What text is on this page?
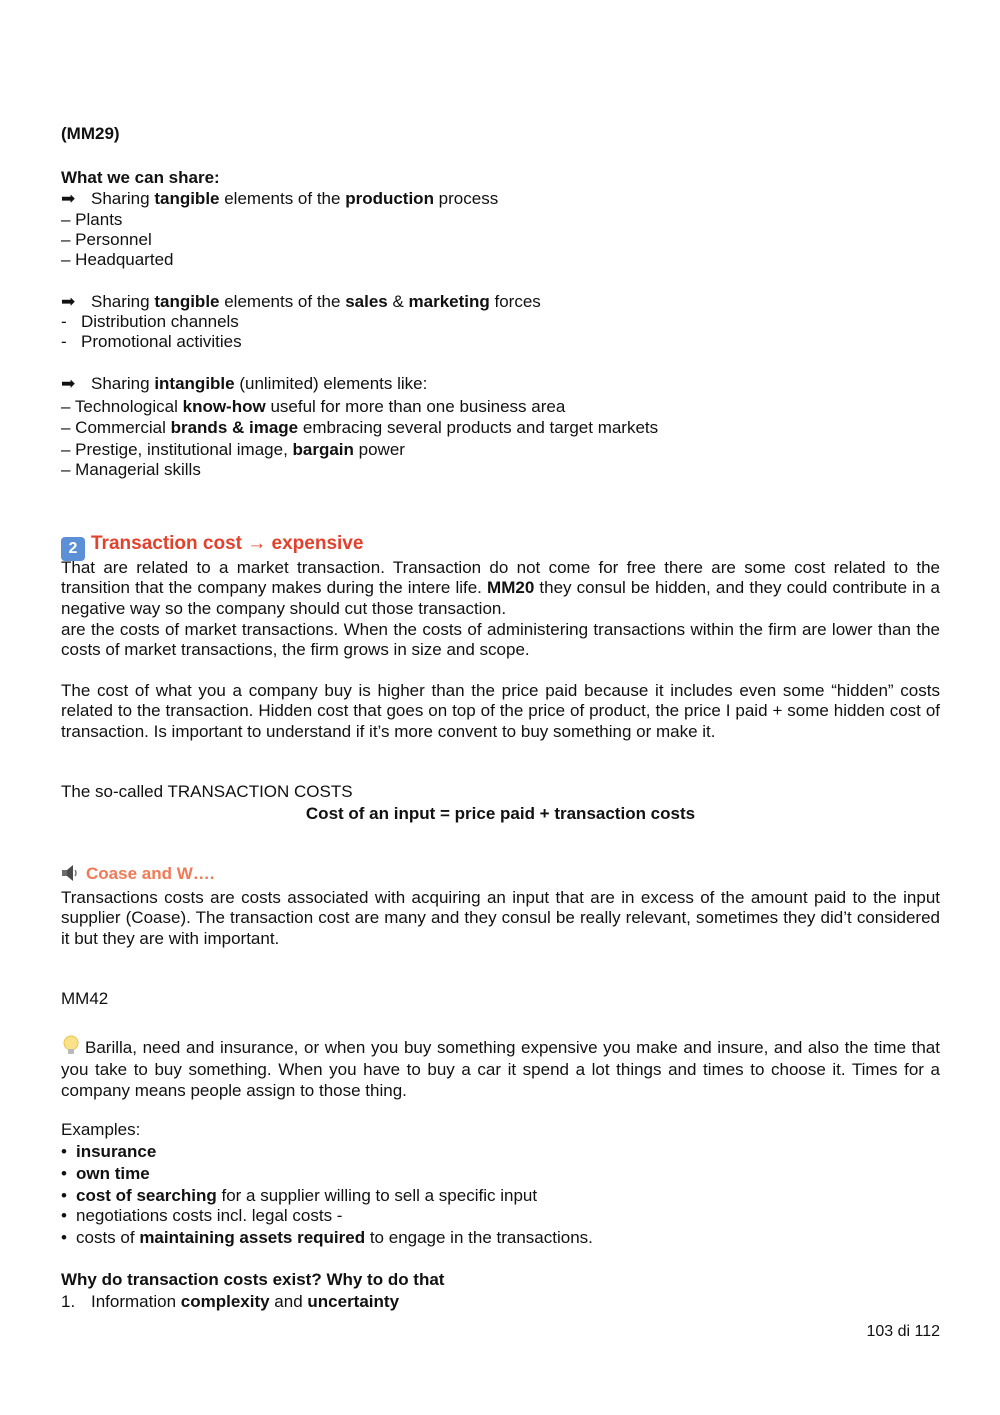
(MM29)
What we can share:
➡ Sharing tangible elements of the production process
– Plants
– Personnel
– Headquarted
➡ Sharing tangible elements of the sales & marketing forces
- Distribution channels
- Promotional activities
➡ Sharing intangible (unlimited) elements like:
– Technological know-how useful for more than one business area
– Commercial brands & image embracing several products and target markets
– Prestige, institutional image, bargain power
– Managerial skills
2 Transaction cost → expensive
That are related to a market transaction. Transaction do not come for free there are some cost related to the transition that the company makes during the intere life. MM20 they consul be hidden, and they could contribute in a negative way so the company should cut those transaction.
are the costs of market transactions. When the costs of administering transactions within the firm are lower than the costs of market transactions, the firm grows in size and scope.
The cost of what you a company buy is higher than the price paid because it includes even some “hidden” costs related to the transaction. Hidden cost that goes on top of the price of product, the price I paid + some hidden cost of transaction. Is important to understand if it’s more convent to buy something or make it.
The so-called TRANSACTION COSTS
Cost of an input = price paid + transaction costs
Coase and W….
Transactions costs are costs associated with acquiring an input that are in excess of the amount paid to the input supplier (Coase). The transaction cost are many and they consul be really relevant, sometimes they did’t considered it but they are with important.
MM42
Barilla, need and insurance, or when you buy something expensive you make and insure, and also the time that you take to buy something. When you have to buy a car it spend a lot things and times to choose it. Times for a company means people assign to those thing.
Examples:
• insurance
• own time
• cost of searching for a supplier willing to sell a specific input
• negotiations costs incl. legal costs -
• costs of maintaining assets required to engage in the transactions.
Why do transaction costs exist? Why to do that
1. Information complexity and uncertainty
103 di 112
